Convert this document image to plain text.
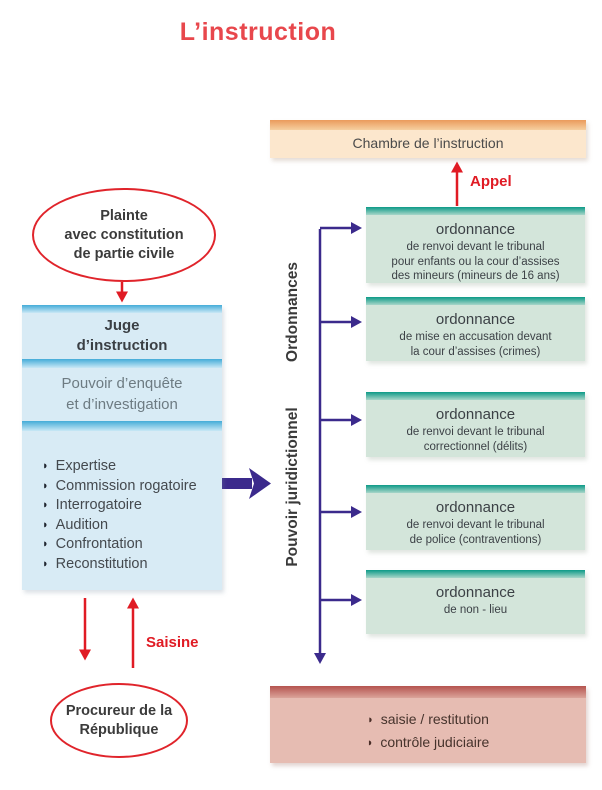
L’instruction
Chambre de l’instruction
Appel
Saisine
Plainte
avec constitution
de partie civile
Juge
d’instruction
Pouvoir d’enquête
et d’investigation
◗ Expertise
◗ Commission rogatoire
◗ Interrogatoire
◗ Audition
◗ Confrontation
◗ Reconstitution
Ordonnances
Pouvoir juridictionnel
ordonnance
de renvoi devant le tribunal
pour enfants ou la cour d’assises
des mineurs (mineurs de 16 ans)
ordonnance
de mise en accusation devant
la cour d’assises (crimes)
ordonnance
de renvoi devant le tribunal
correctionnel (délits)
ordonnance
de renvoi devant le tribunal
de police (contraventions)
ordonnance
de non - lieu
Procureur de la
République
◗ saisie / restitution
◗ contrôle judiciaire
